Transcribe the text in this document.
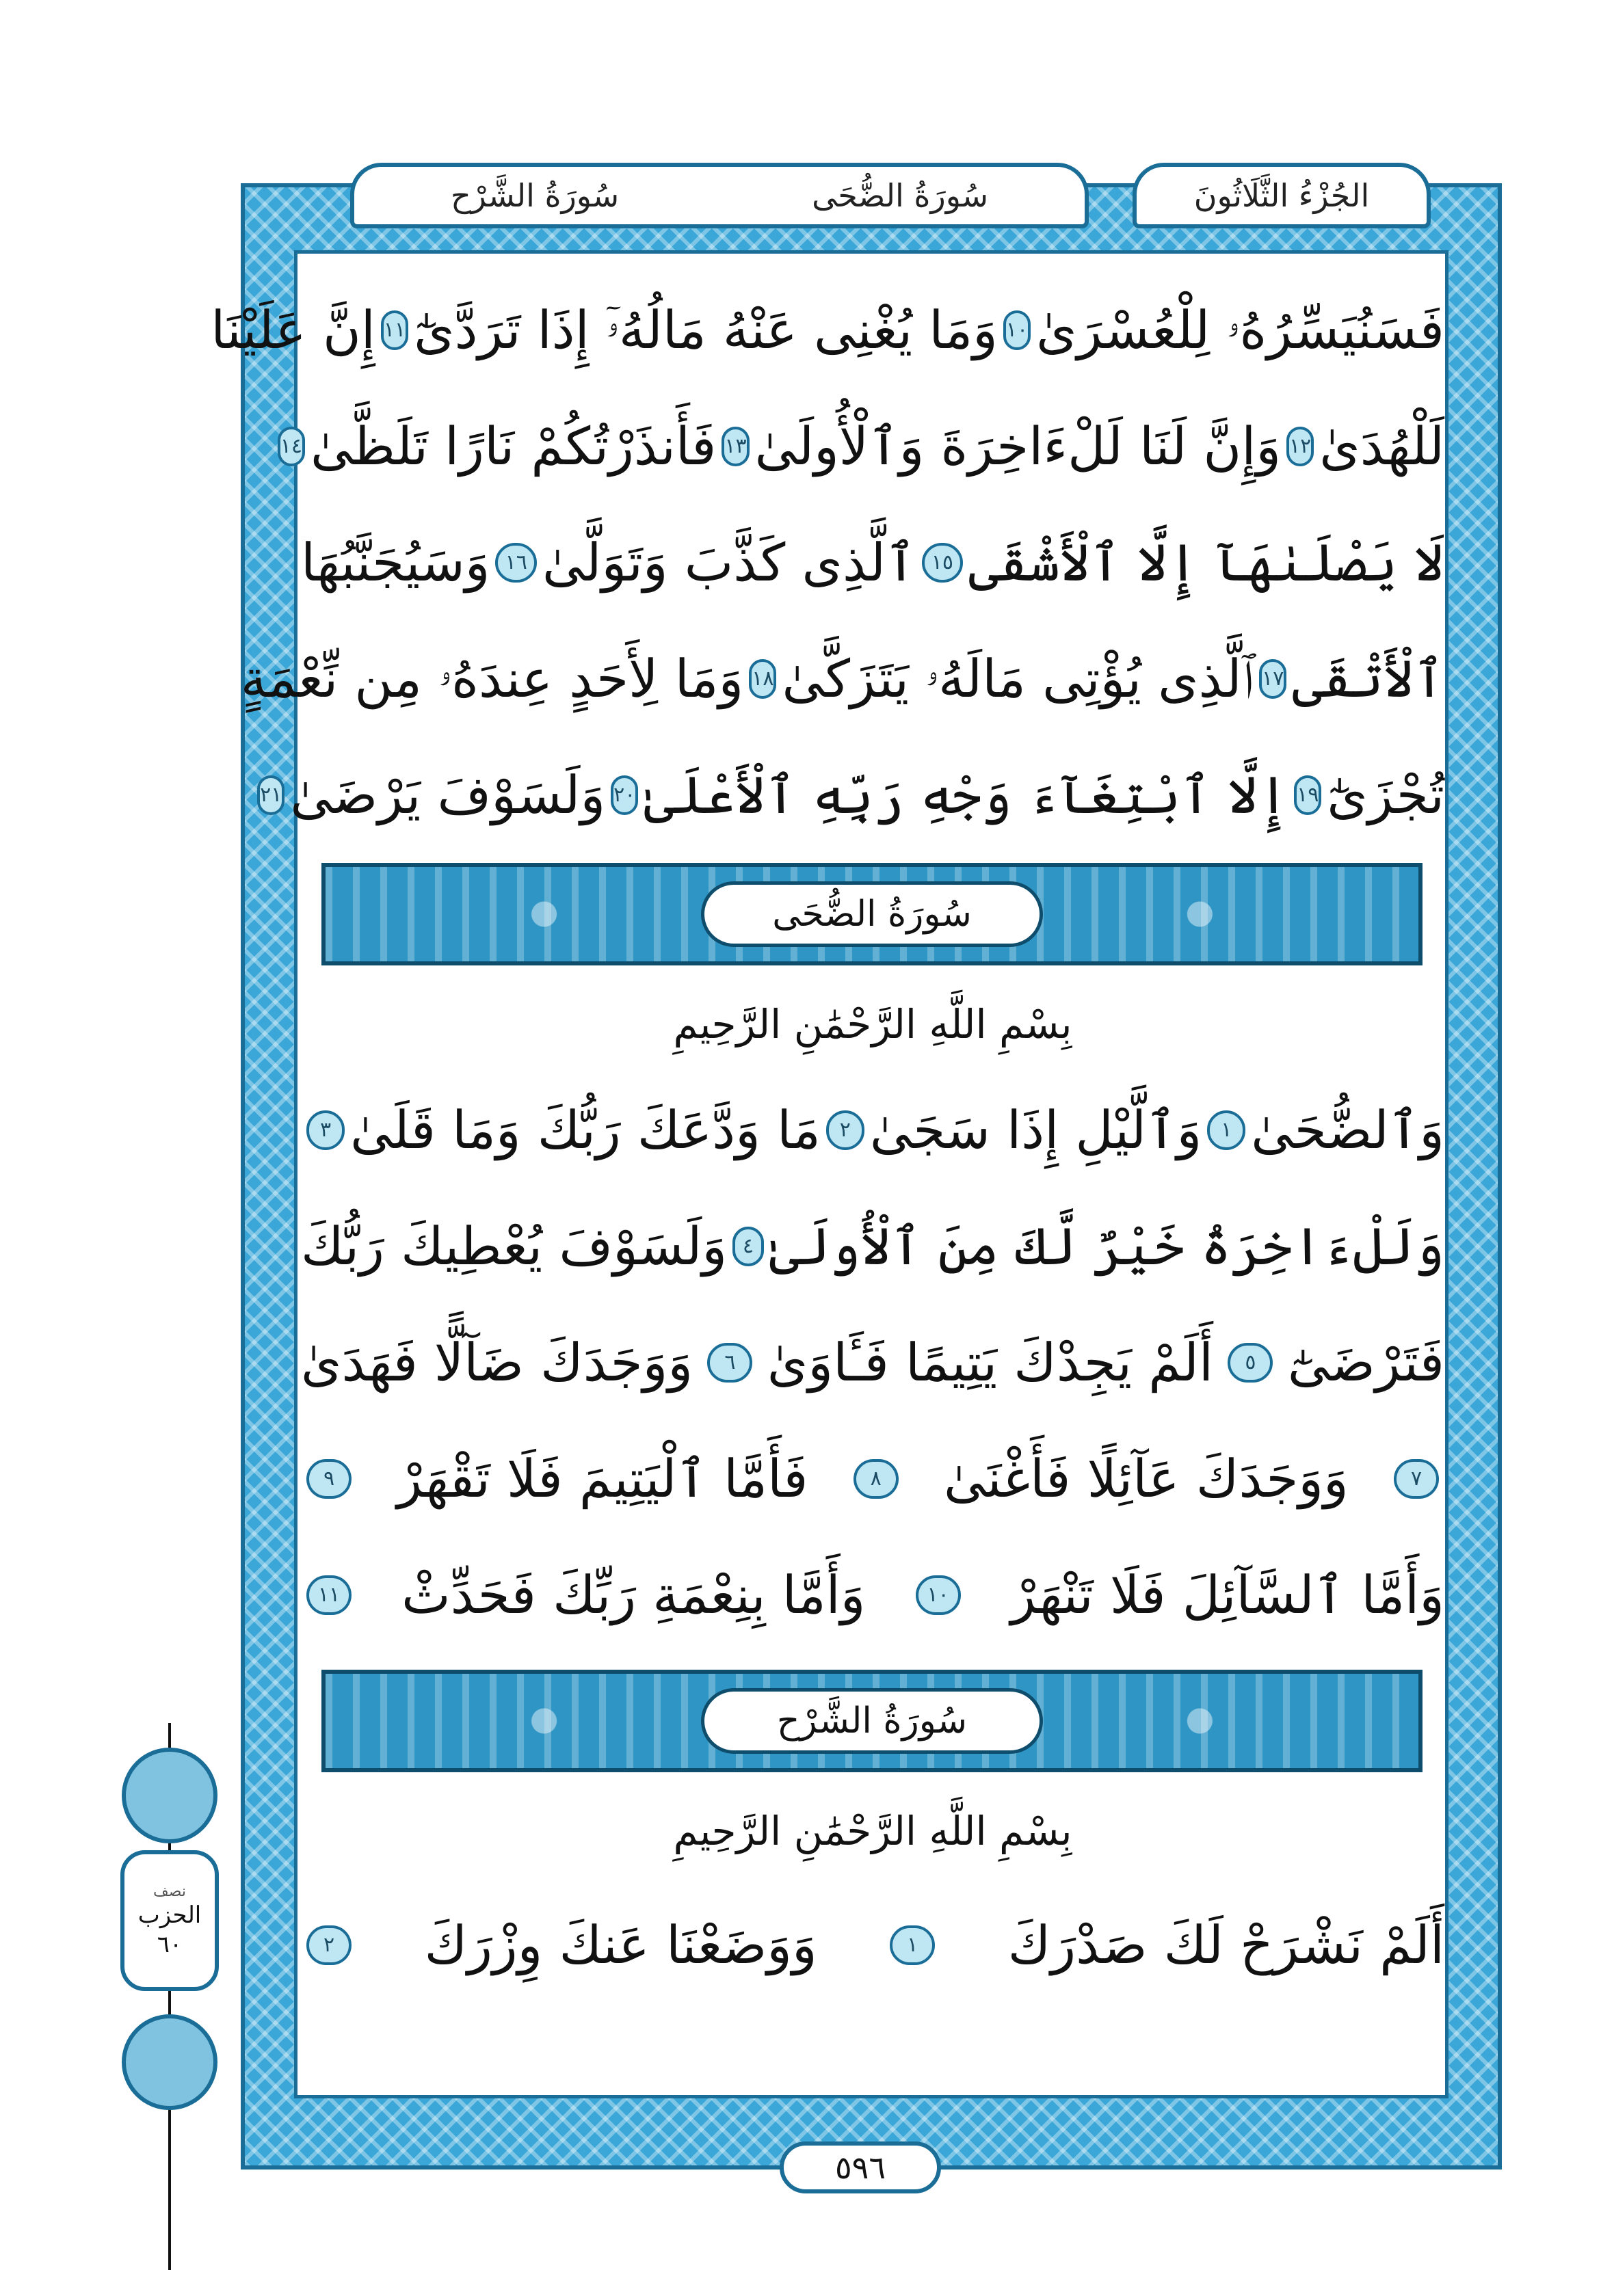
الجُزْءُ الثَّلَاثُونَ
سُورَةُ الضُّحَى
سُورَةُ الشَّرْح
فَسَنُيَسِّرُهُۥ لِلْعُسْرَىٰ
١٠
وَمَا يُغْنِى عَنْهُ مَالُهُۥٓ إِذَا تَرَدَّىٰٓ
١١
إِنَّ عَلَيْنَا
لَلْهُدَىٰ
١٢
وَإِنَّ لَنَا لَلْءَاخِرَةَ وَٱلْأُولَىٰ
١٣
فَأَنذَرْتُكُمْ نَارًا تَلَظَّىٰ
١٤
لَا يَصْلَىٰهَآ إِلَّا ٱلْأَشْقَى
١٥
ٱلَّذِى كَذَّبَ وَتَوَلَّىٰ
١٦
وَسَيُجَنَّبُهَا
ٱلْأَتْقَى
١٧
ٱلَّذِى يُؤْتِى مَالَهُۥ يَتَزَكَّىٰ
١٨
وَمَا لِأَحَدٍ عِندَهُۥ مِن نِّعْمَةٍ
تُجْزَىٰٓ
١٩
إِلَّا ٱبْتِغَآءَ وَجْهِ رَبِّهِ ٱلْأَعْلَىٰ
٢٠
وَلَسَوْفَ يَرْضَىٰ
٢١
سُورَةُ الضُّحَى
بِسْمِ اللَّهِ الرَّحْمَٰنِ الرَّحِيمِ
وَٱلضُّحَىٰ
١
وَٱلَّيْلِ إِذَا سَجَىٰ
٢
مَا وَدَّعَكَ رَبُّكَ وَمَا قَلَىٰ
٣
وَلَلْءَاخِرَةُ خَيْرٌ لَّكَ مِنَ ٱلْأُولَىٰ
٤
وَلَسَوْفَ يُعْطِيكَ رَبُّكَ
فَتَرْضَىٰٓ
٥
أَلَمْ يَجِدْكَ يَتِيمًا فَـَٔاوَىٰ
٦
وَوَجَدَكَ ضَآلًّا فَهَدَىٰ
٧
وَوَجَدَكَ عَآئِلًا فَأَغْنَىٰ
٨
فَأَمَّا ٱلْيَتِيمَ فَلَا تَقْهَرْ
٩
وَأَمَّا ٱلسَّآئِلَ فَلَا تَنْهَرْ
١٠
وَأَمَّا بِنِعْمَةِ رَبِّكَ فَحَدِّثْ
١١
سُورَةُ الشَّرْح
بِسْمِ اللَّهِ الرَّحْمَٰنِ الرَّحِيمِ
أَلَمْ نَشْرَحْ لَكَ صَدْرَكَ
١
وَوَضَعْنَا عَنكَ وِزْرَكَ
٢
٥٩٦
نصف
الحزب
٦٠
